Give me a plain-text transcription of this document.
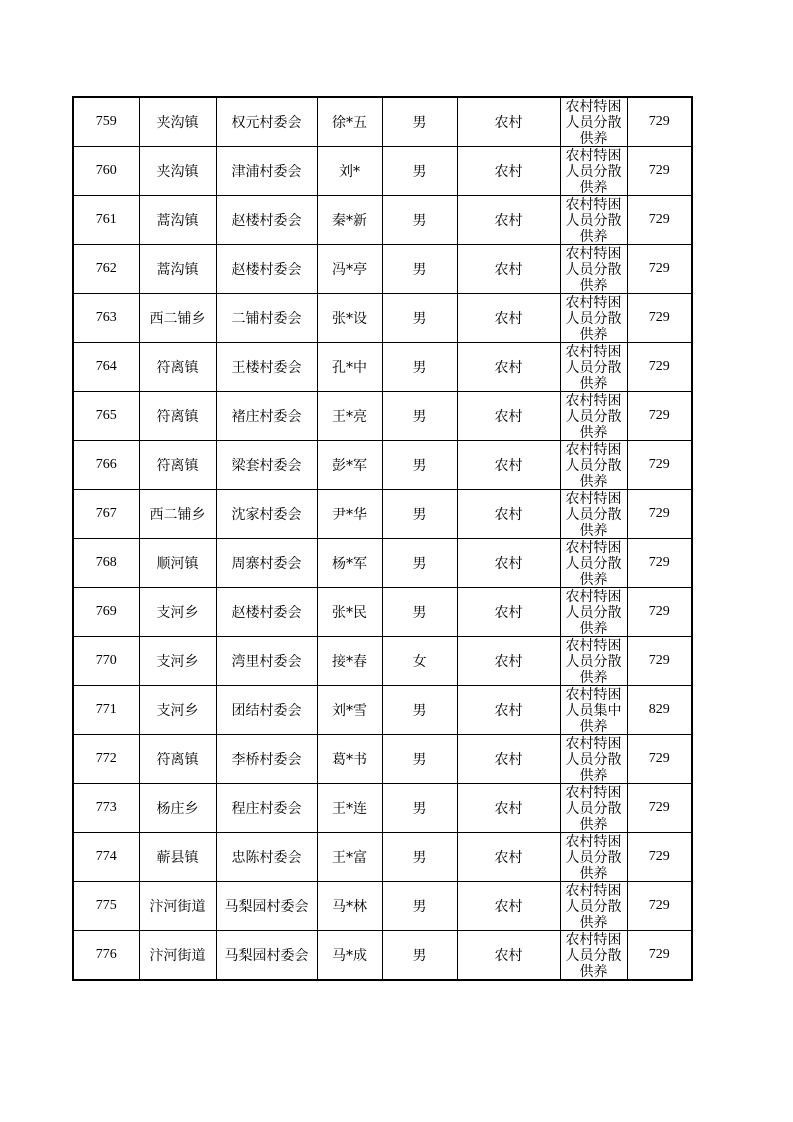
759	夹沟镇	权元村委会	徐*五	男	农村	农村特困人员分散供养	729
760	夹沟镇	津浦村委会	刘*	男	农村	农村特困人员分散供养	729
761	蒿沟镇	赵楼村委会	秦*新	男	农村	农村特困人员分散供养	729
762	蒿沟镇	赵楼村委会	冯*亭	男	农村	农村特困人员分散供养	729
763	西二铺乡	二铺村委会	张*设	男	农村	农村特困人员分散供养	729
764	符离镇	王楼村委会	孔*中	男	农村	农村特困人员分散供养	729
765	符离镇	褚庄村委会	王*亮	男	农村	农村特困人员分散供养	729
766	符离镇	梁套村委会	彭*军	男	农村	农村特困人员分散供养	729
767	西二铺乡	沈家村委会	尹*华	男	农村	农村特困人员分散供养	729
768	顺河镇	周寨村委会	杨*军	男	农村	农村特困人员分散供养	729
769	支河乡	赵楼村委会	张*民	男	农村	农村特困人员分散供养	729
770	支河乡	湾里村委会	接*春	女	农村	农村特困人员分散供养	729
771	支河乡	团结村委会	刘*雪	男	农村	农村特困人员集中供养	829
772	符离镇	李桥村委会	葛*书	男	农村	农村特困人员分散供养	729
773	杨庄乡	程庄村委会	王*连	男	农村	农村特困人员分散供养	729
774	蕲县镇	忠陈村委会	王*富	男	农村	农村特困人员分散供养	729
775	汴河街道	马梨园村委会	马*林	男	农村	农村特困人员分散供养	729
776	汴河街道	马梨园村委会	马*成	男	农村	农村特困人员分散供养	729
